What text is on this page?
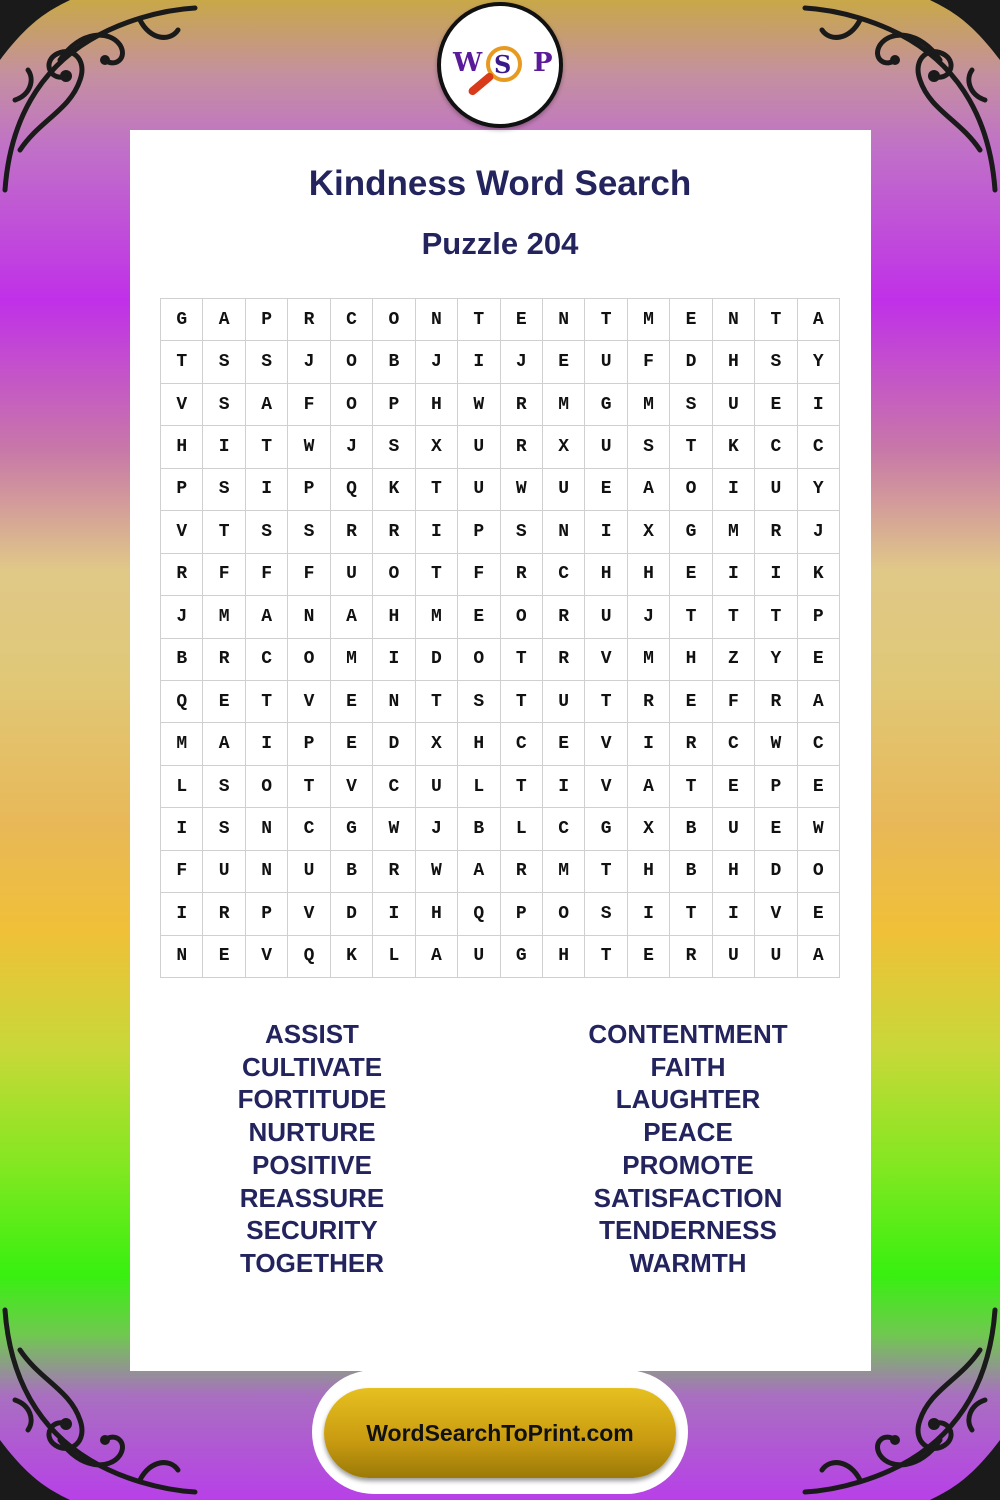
W S P
Kindness Word Search
Puzzle 204
G	A	P	R	C	O	N	T	E	N	T	M	E	N	T	A
T	S	S	J	O	B	J	I	J	E	U	F	D	H	S	Y
V	S	A	F	O	P	H	W	R	M	G	M	S	U	E	I
H	I	T	W	J	S	X	U	R	X	U	S	T	K	C	C
P	S	I	P	Q	K	T	U	W	U	E	A	O	I	U	Y
V	T	S	S	R	R	I	P	S	N	I	X	G	M	R	J
R	F	F	F	U	O	T	F	R	C	H	H	E	I	I	K
J	M	A	N	A	H	M	E	O	R	U	J	T	T	T	P
B	R	C	O	M	I	D	O	T	R	V	M	H	Z	Y	E
Q	E	T	V	E	N	T	S	T	U	T	R	E	F	R	A
M	A	I	P	E	D	X	H	C	E	V	I	R	C	W	C
L	S	O	T	V	C	U	L	T	I	V	A	T	E	P	E
I	S	N	C	G	W	J	B	L	C	G	X	B	U	E	W
F	U	N	U	B	R	W	A	R	M	T	H	B	H	D	O
I	R	P	V	D	I	H	Q	P	O	S	I	T	I	V	E
N	E	V	Q	K	L	A	U	G	H	T	E	R	U	U	A
ASSIST
CULTIVATE
FORTITUDE
NURTURE
POSITIVE
REASSURE
SECURITY
TOGETHER
CONTENTMENT
FAITH
LAUGHTER
PEACE
PROMOTE
SATISFACTION
TENDERNESS
WARMTH
WordSearchToPrint.com
